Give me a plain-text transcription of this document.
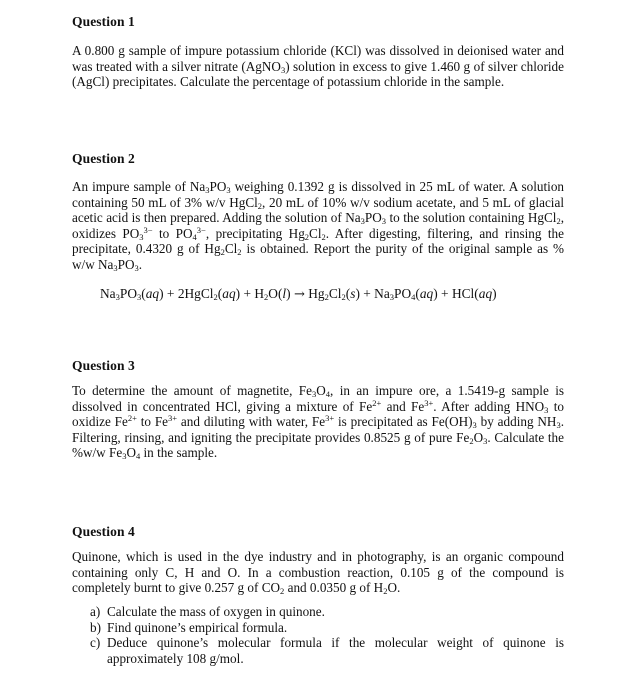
Question 1
A 0.800 g sample of impure potassium chloride (KCl) was dissolved in deionised water and was treated with a silver nitrate (AgNO$_3$) solution in excess to give 1.460 g of silver chloride (AgCl) precipitates. Calculate the percentage of potassium chloride in the sample.
Question 2
An impure sample of $Na_3PO_3$ weighing 0.1392 g is dissolved in 25 mL of water. A solution containing 50 mL of 3% w/v HgCl$_2$, 20 mL of 10% w/v sodium acetate, and 5 mL of glacial acetic acid is then prepared. Adding the solution of $Na_3PO_3$ to the solution containing HgCl$_2$, oxidizes $PO_3^{3-}$ to $PO_4^{3-}$, precipitating $Hg_2Cl_2$. After digesting, filtering, and rinsing the precipitate, 0.4320 g of $Hg_2Cl_2$ is obtained. Report the purity of the original sample as % w/w $Na_3PO_3$.
$Na_3PO_3(aq)$ + 2HgCl$_2$(aq) + $H_2O(l) \to Hg_2Cl_2(s) + Na_3PO_4(aq) + HCl(aq)$
Question 3
To determine the amount of magnetite, $Fe_3O_4$, in an impure ore, a 1.5419-g sample is dissolved in concentrated HCl, giving a mixture of $Fe^{2+}$ and $Fe^{3+}$. After adding $HNO_3$ to oxidize $Fe^{2+}$ to $Fe^{3+}$ and diluting with water, $Fe^{3+}$ is precipitated as $Fe(OH)_3$ by adding $NH_3$. Filtering, rinsing, and igniting the precipitate provides 0.8525 g of pure $Fe_2O_3$. Calculate the %w/w $Fe_3O_4$ in the sample.
Question 4
Quinone, which is used in the dye industry and in photography, is an organic compound containing only C, H and O. In a combustion reaction, 0.105 g of the compound is completely burnt to give 0.257 g of $CO_2$ and 0.0350 g of $H_2O$.
a) Calculate the mass of oxygen in quinone.
b) Find quinone’s empirical formula.
c) Deduce quinone’s molecular formula if the molecular weight of quinone is approximately 108 g/mol.
